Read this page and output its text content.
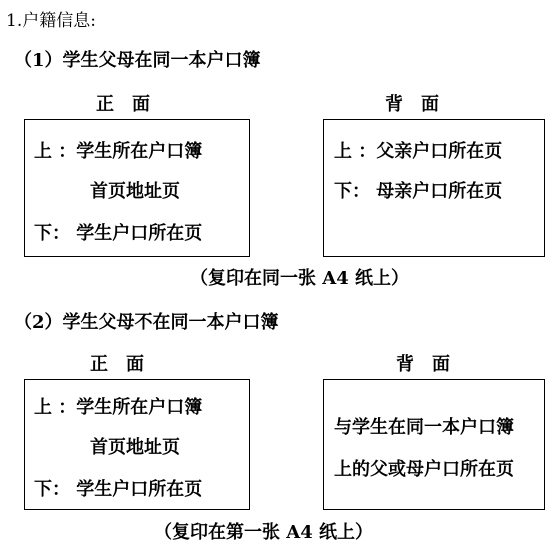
1.户籍信息:
（1）学生父母在同一本户口簿
正　面	背　面
上 ：学生所在户口簿
首页地址页
下： 学生户口所在页
上 ：父亲户口所在页
下： 母亲户口所在页
（复印在同一张 A4 纸上）
（2）学生父母不在同一本户口簿
正　面	背　面
上 ：学生所在户口簿
首页地址页
下： 学生户口所在页
与学生在同一本户口簿
上的父或母户口所在页
（复印在第一张 A4 纸上）
